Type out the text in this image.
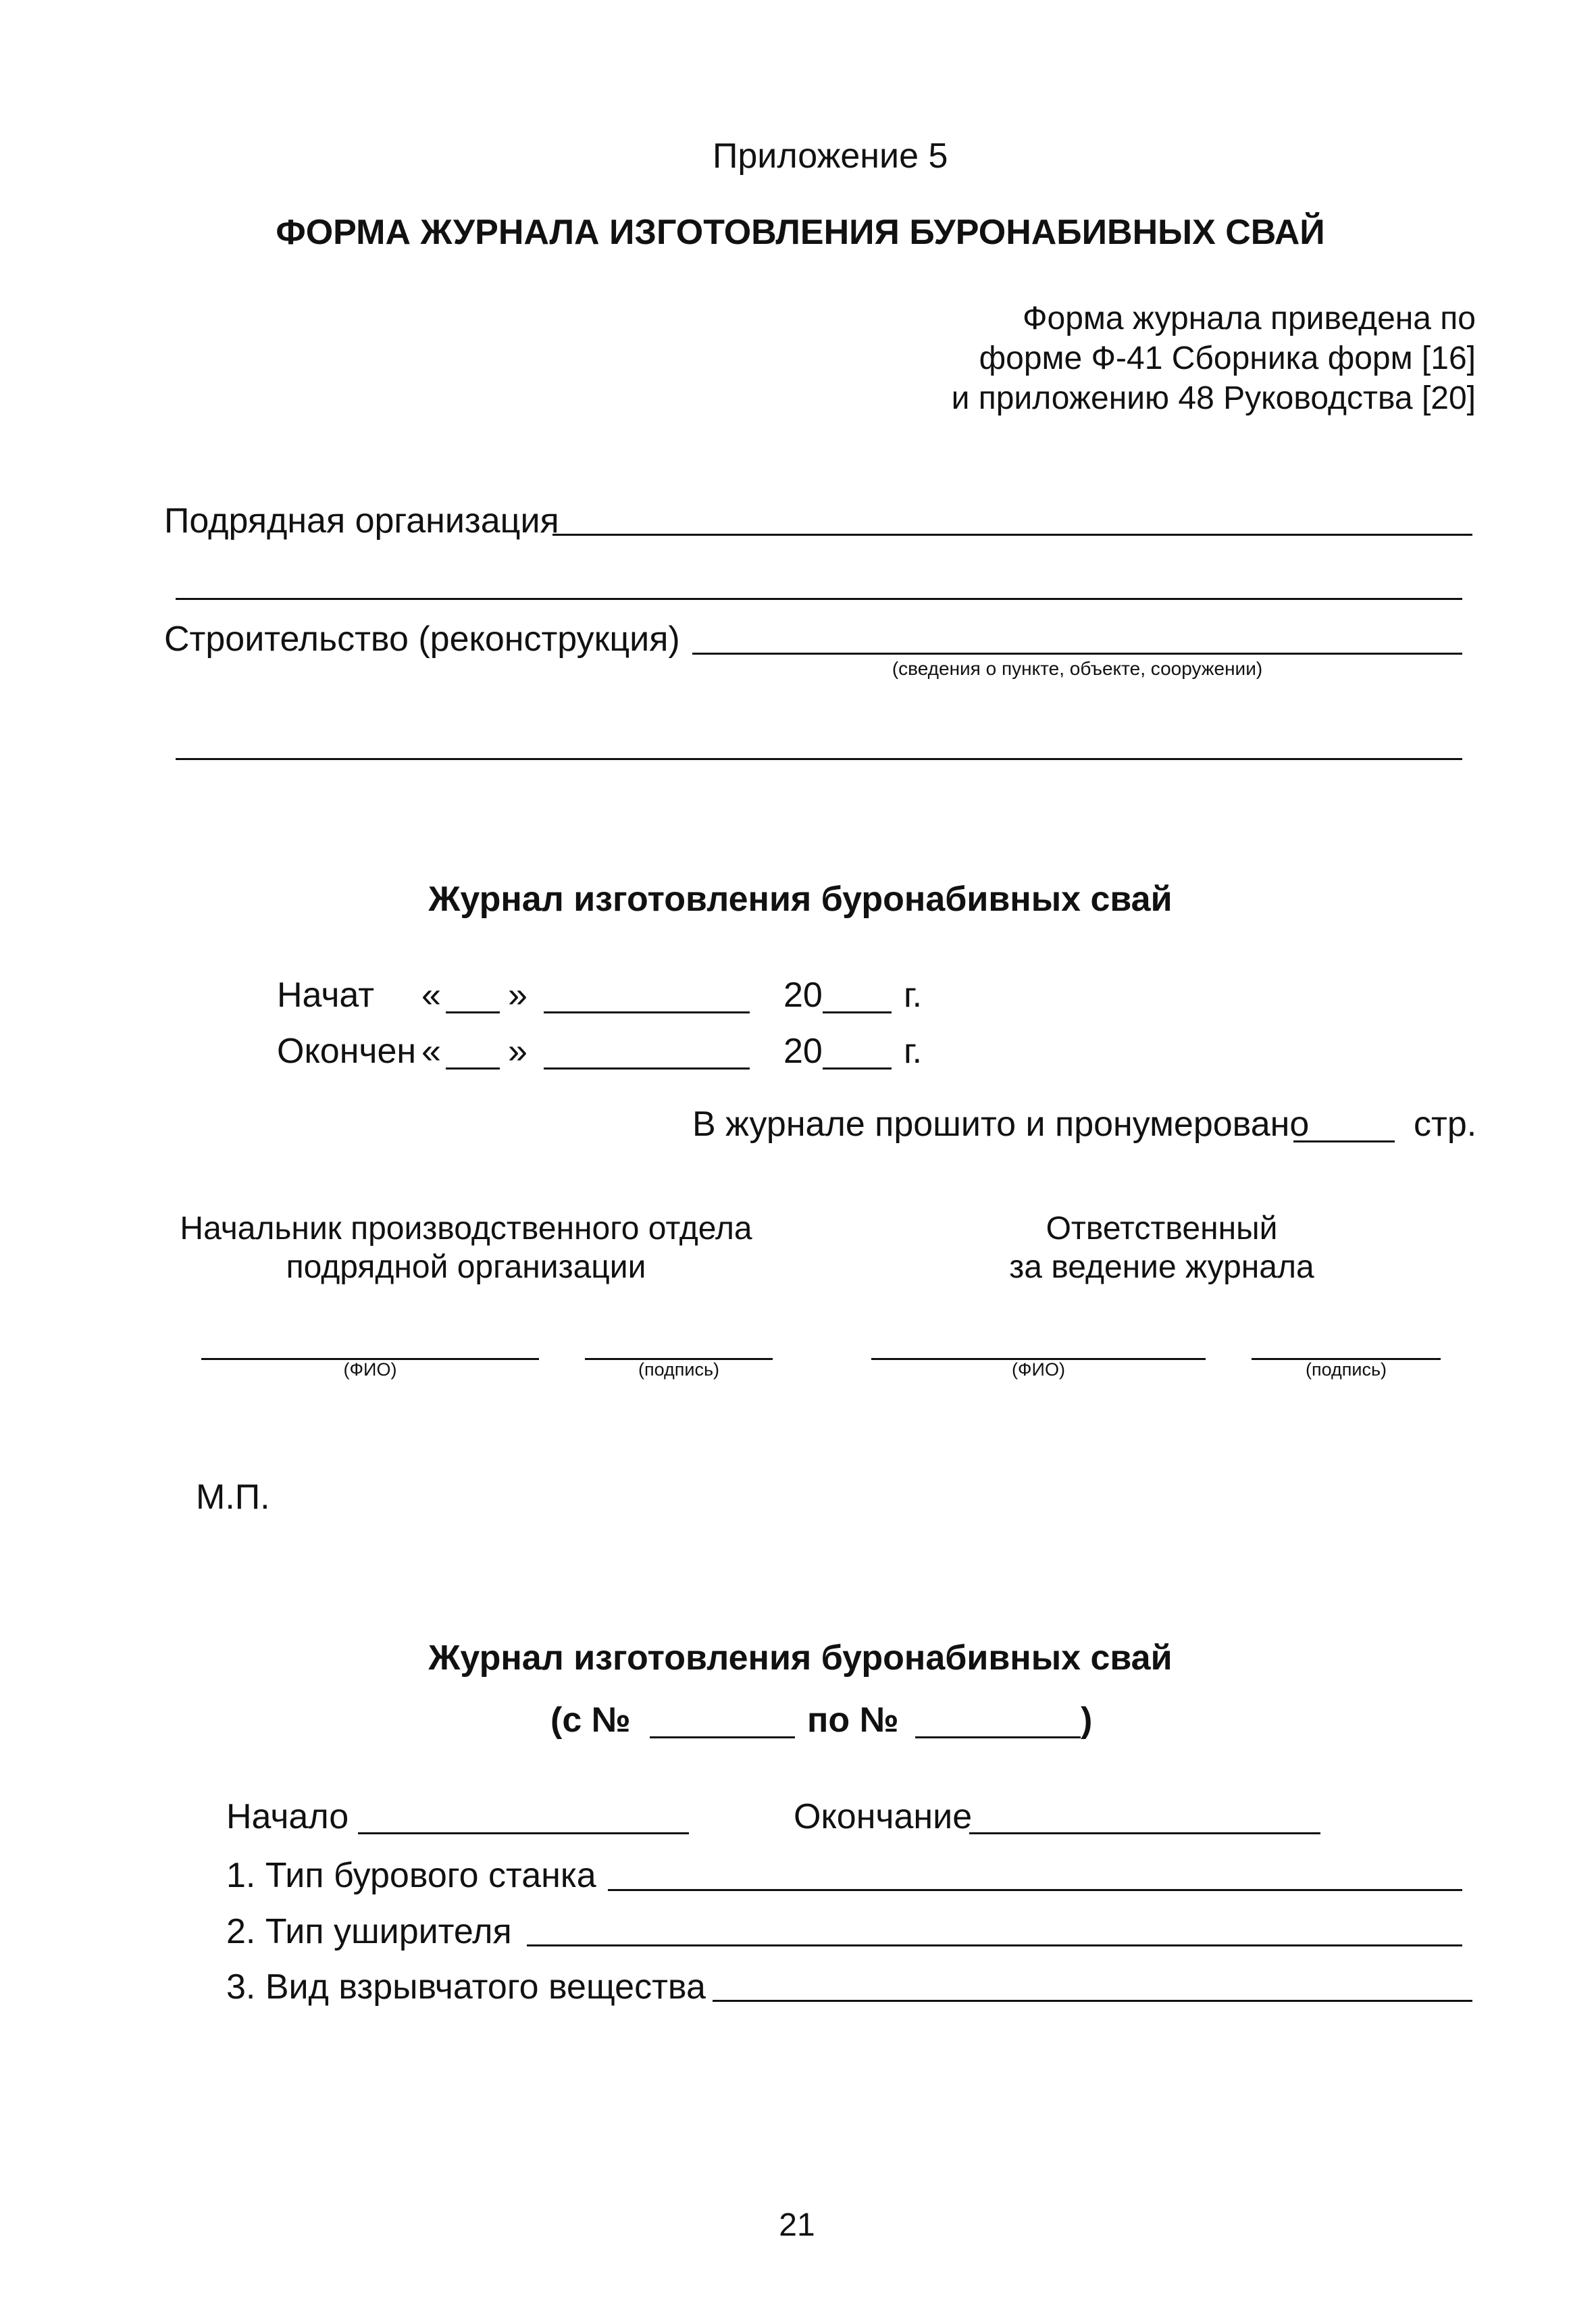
Приложение 5
ФОРМА ЖУРНАЛА ИЗГОТОВЛЕНИЯ БУРОНАБИВНЫХ СВАЙ
Форма журнала приведена по
форме Ф-41 Сборника форм [16]
и приложению 48 Руководства [20]
Подрядная организация
Строительство (реконструкция)
(сведения о пункте, объекте, сооружении)
Журнал изготовления буронабивных свай
Начат « »	20 г.
Окончен « »	20 г.
В журнале прошито и пронумеровано	стр.
Начальник производственного отдела
подрядной организации
Ответственный
за ведение журнала
(ФИО)	(подпись)	(ФИО)	(подпись)
М.П.
Журнал изготовления буронабивных свай
(с №	по №	)
Начало	Окончание
1. Тип бурового станка
2. Тип уширителя
3. Вид взрывчатого вещества
21
